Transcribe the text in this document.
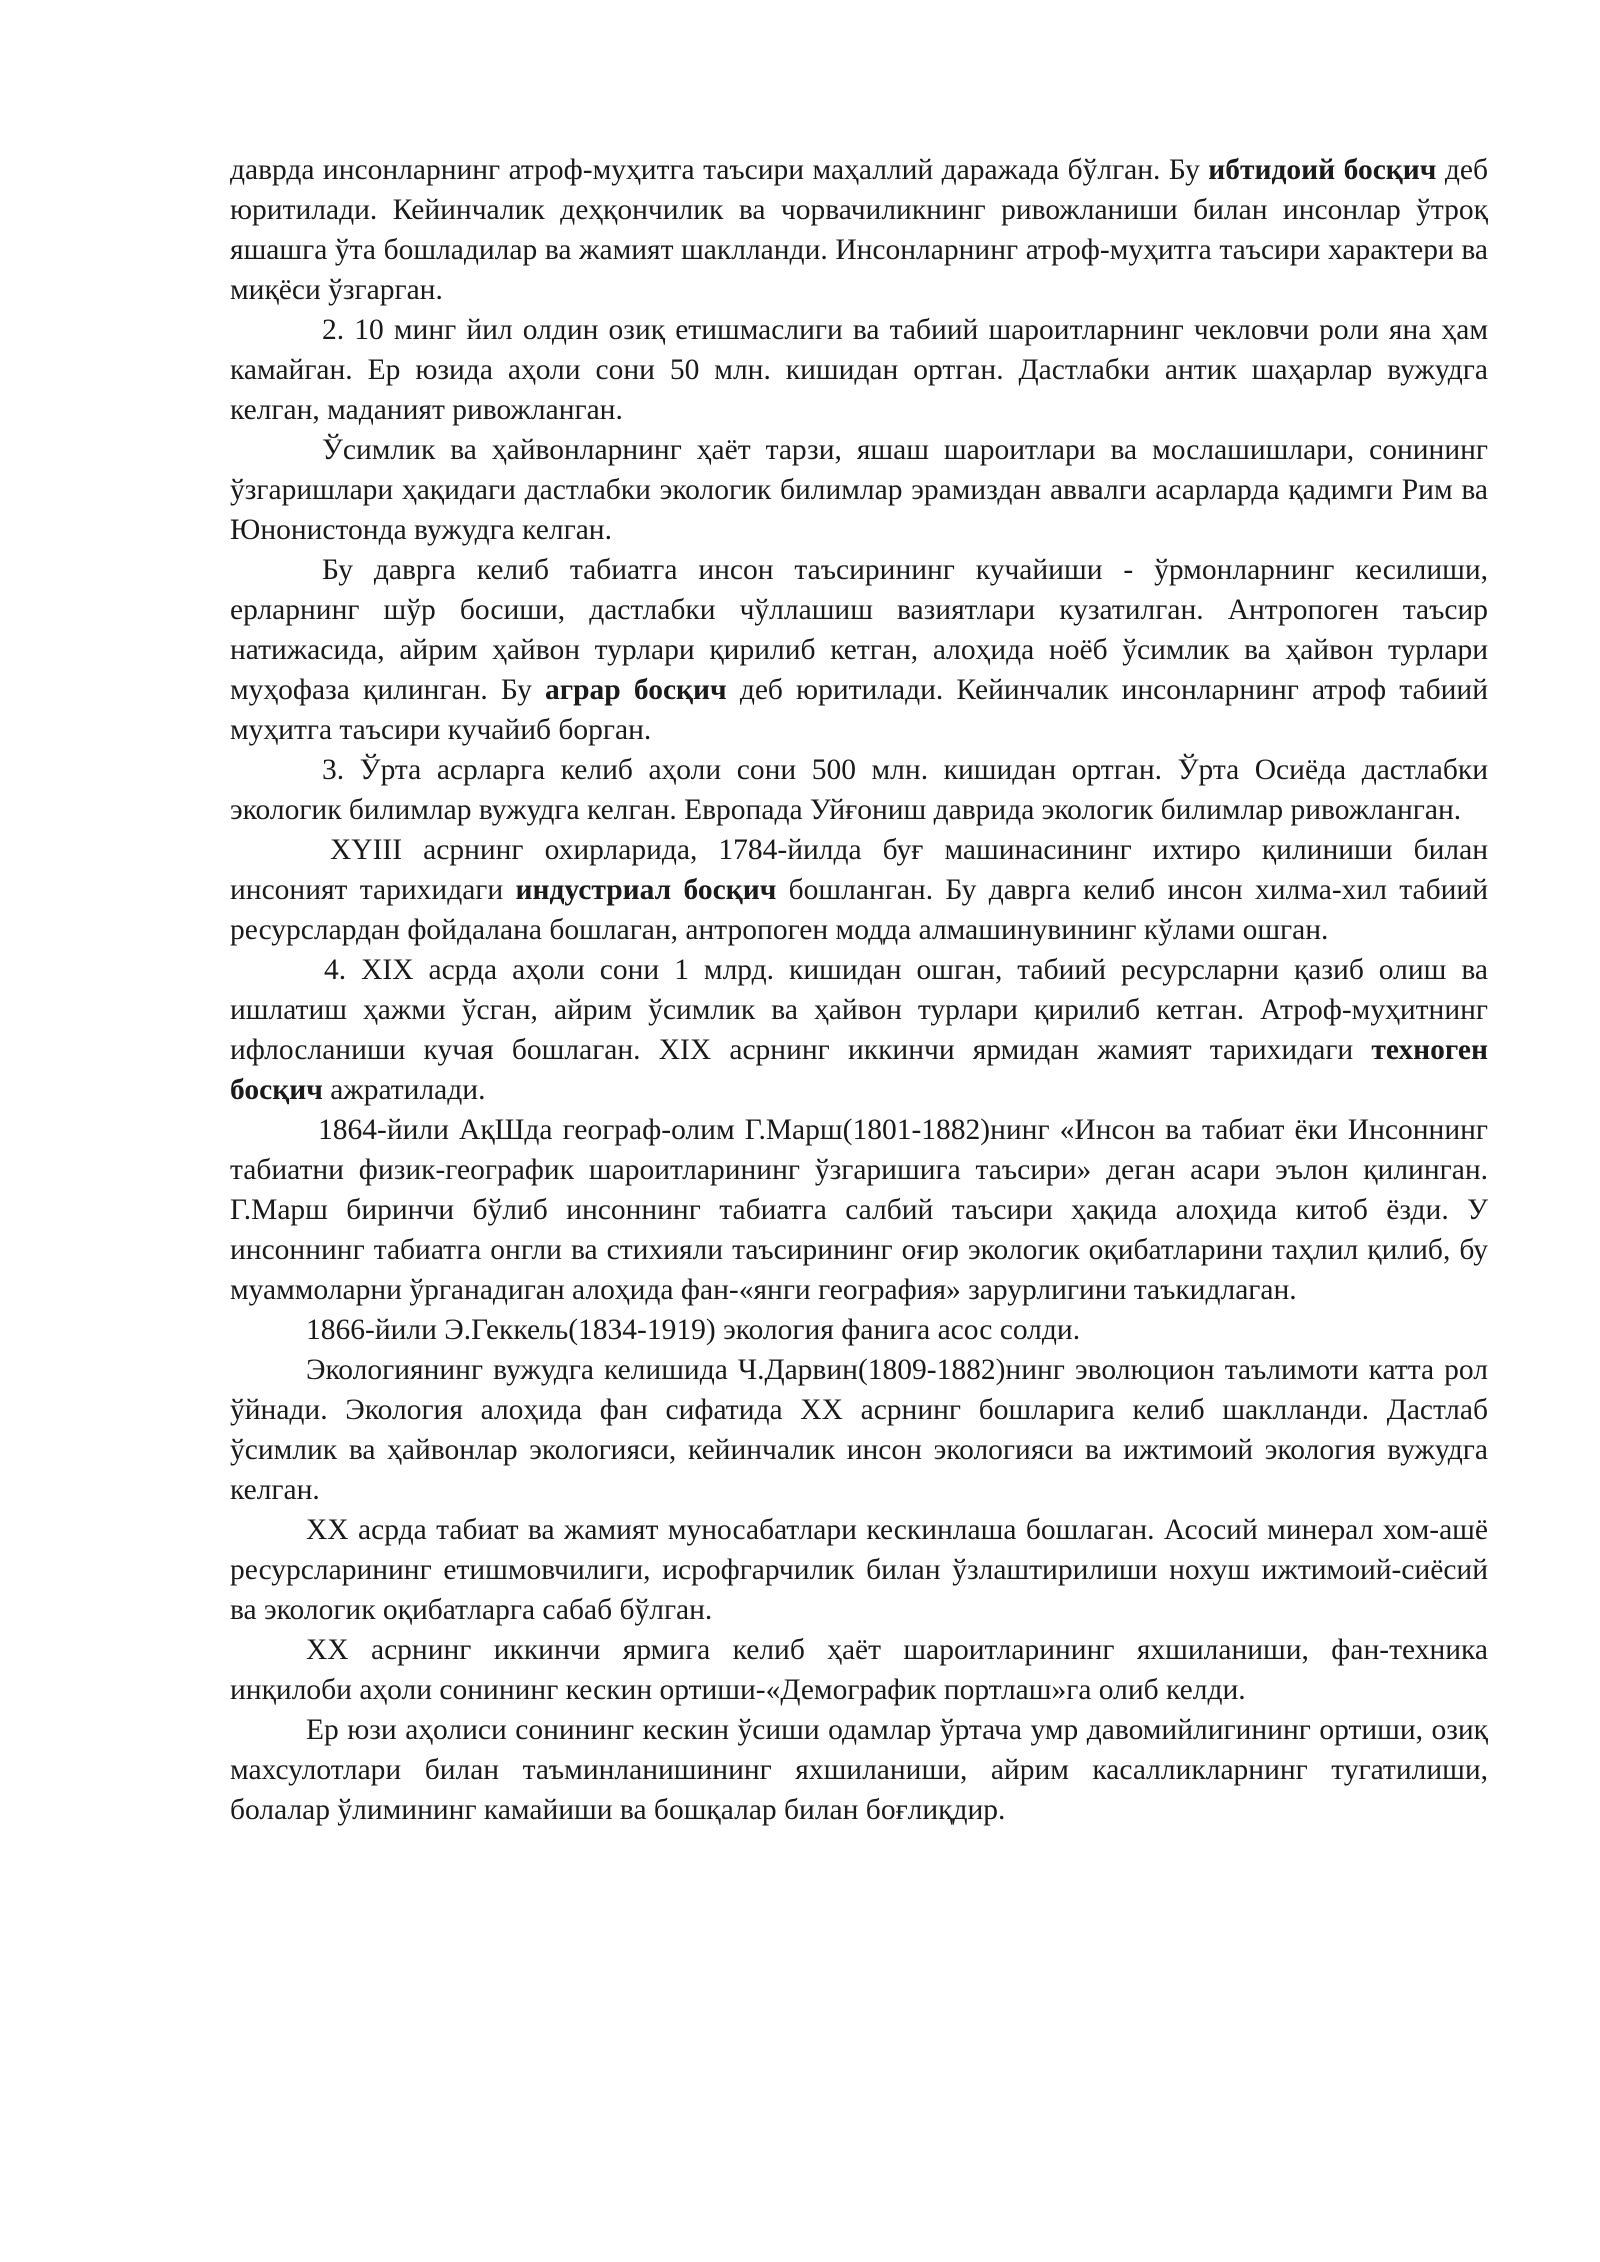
даврда инсонларнинг атроф-муҳитга таъсири маҳаллий даражада бўлган. Бу ибтидоий босқич деб юритилади. Кейинчалик деҳқончилик ва чорвачиликнинг ривожланиши билан инсонлар ўтроқ яшашга ўта бошладилар ва жамият шаклланди. Инсонларнинг атроф-муҳитга таъсири характери ва миқёси ўзгарган.

2. 10 минг йил олдин озиқ етишмаслиги ва табиий шароитларнинг чекловчи роли яна ҳам камайган. Ер юзида аҳоли сони 50 млн. кишидан ортган. Дастлабки антик шаҳарлар вужудга келган, маданият ривожланган.

Ўсимлик ва ҳайвонларнинг ҳаёт тарзи, яшаш шароитлари ва мослашишлари, сонининг ўзгаришлари ҳақидаги дастлабки экологик билимлар эрамиздан аввалги асарларда қадимги Рим ва Юнонистонда вужудга келган.

Бу даврга келиб табиатга инсон таъсирининг кучайиши - ўрмонларнинг кесилиши, ерларнинг шўр босиши, дастлабки чўллашиш вазиятлари кузатилган. Антропоген таъсир натижасида, айрим ҳайвон турлари қирилиб кетган, алоҳида ноёб ўсимлик ва ҳайвон турлари муҳофаза қилинган. Бу аграр босқич деб юритилади. Кейинчалик инсонларнинг атроф табиий муҳитга таъсири кучайиб борган.

3. Ўрта асрларга келиб аҳоли сони 500 млн. кишидан ортган. Ўрта Осиёда дастлабки экологик билимлар вужудга келган. Европада Уйғониш даврида экологик билимлар ривожланган.

XYIII асрнинг охирларида, 1784-йилда буғ машинасининг ихтиро қилиниши билан инсоният тарихидаги индустриал босқич бошланган. Бу даврга келиб инсон хилма-хил табиий ресурслардан фойдалана бошлаган, антропоген модда алмашинувининг кўлами ошган.

4. XIX асрда аҳоли сони 1 млрд. кишидан ошган, табиий ресурсларни қазиб олиш ва ишлатиш ҳажми ўсган, айрим ўсимлик ва ҳайвон турлари қирилиб кетган. Атроф-муҳитнинг ифлосланиши кучая бошлаган. XIX асрнинг иккинчи ярмидан жамият тарихидаги техноген босқич ажратилади.

1864-йили АқШда географ-олим Г.Марш(1801-1882)нинг «Инсон ва табиат ёки Инсоннинг табиатни физик-географик шароитларининг ўзгаришига таъсири» деган асари эълон қилинган. Г.Марш биринчи бўлиб инсоннинг табиатга салбий таъсири ҳақида алоҳида китоб ёзди. У инсоннинг табиатга онгли ва стихияли таъсирининг оғир экологик оқибатларини таҳлил қилиб, бу муаммоларни ўрганадиган алоҳида фан-«янги география» зарурлигини таъкидлаган.

1866-йили Э.Геккель(1834-1919) экология фанига асос солди.

Экологиянинг вужудга келишида Ч.Дарвин(1809-1882)нинг эволюцион таълимоти катта рол ўйнади. Экология алоҳида фан сифатида XX асрнинг бошларига келиб шаклланди. Дастлаб ўсимлик ва ҳайвонлар экологияси, кейинчалик инсон экологияси ва ижтимоий экология вужудга келган.

XX асрда табиат ва жамият муносабатлари кескинлаша бошлаган. Асосий минерал хом-ашё ресурсларининг етишмовчилиги, исрофгарчилик билан ўзлаштирилиши нохуш ижтимоий-сиёсий ва экологик оқибатларга сабаб бўлган.

XX асрнинг иккинчи ярмига келиб ҳаёт шароитларининг яхшиланиши, фан-техника инқилоби аҳоли сонининг кескин ортиши-«Демографик портлаш»га олиб келди.

Ер юзи аҳолиси сонининг кескин ўсиши одамлар ўртача умр давомийлигининг ортиши, озиқ махсулотлари билан таъминланишининг яхшиланиши, айрим касалликларнинг тугатилиши, болалар ўлимининг камайиши ва бошқалар билан боғлиқдир.
